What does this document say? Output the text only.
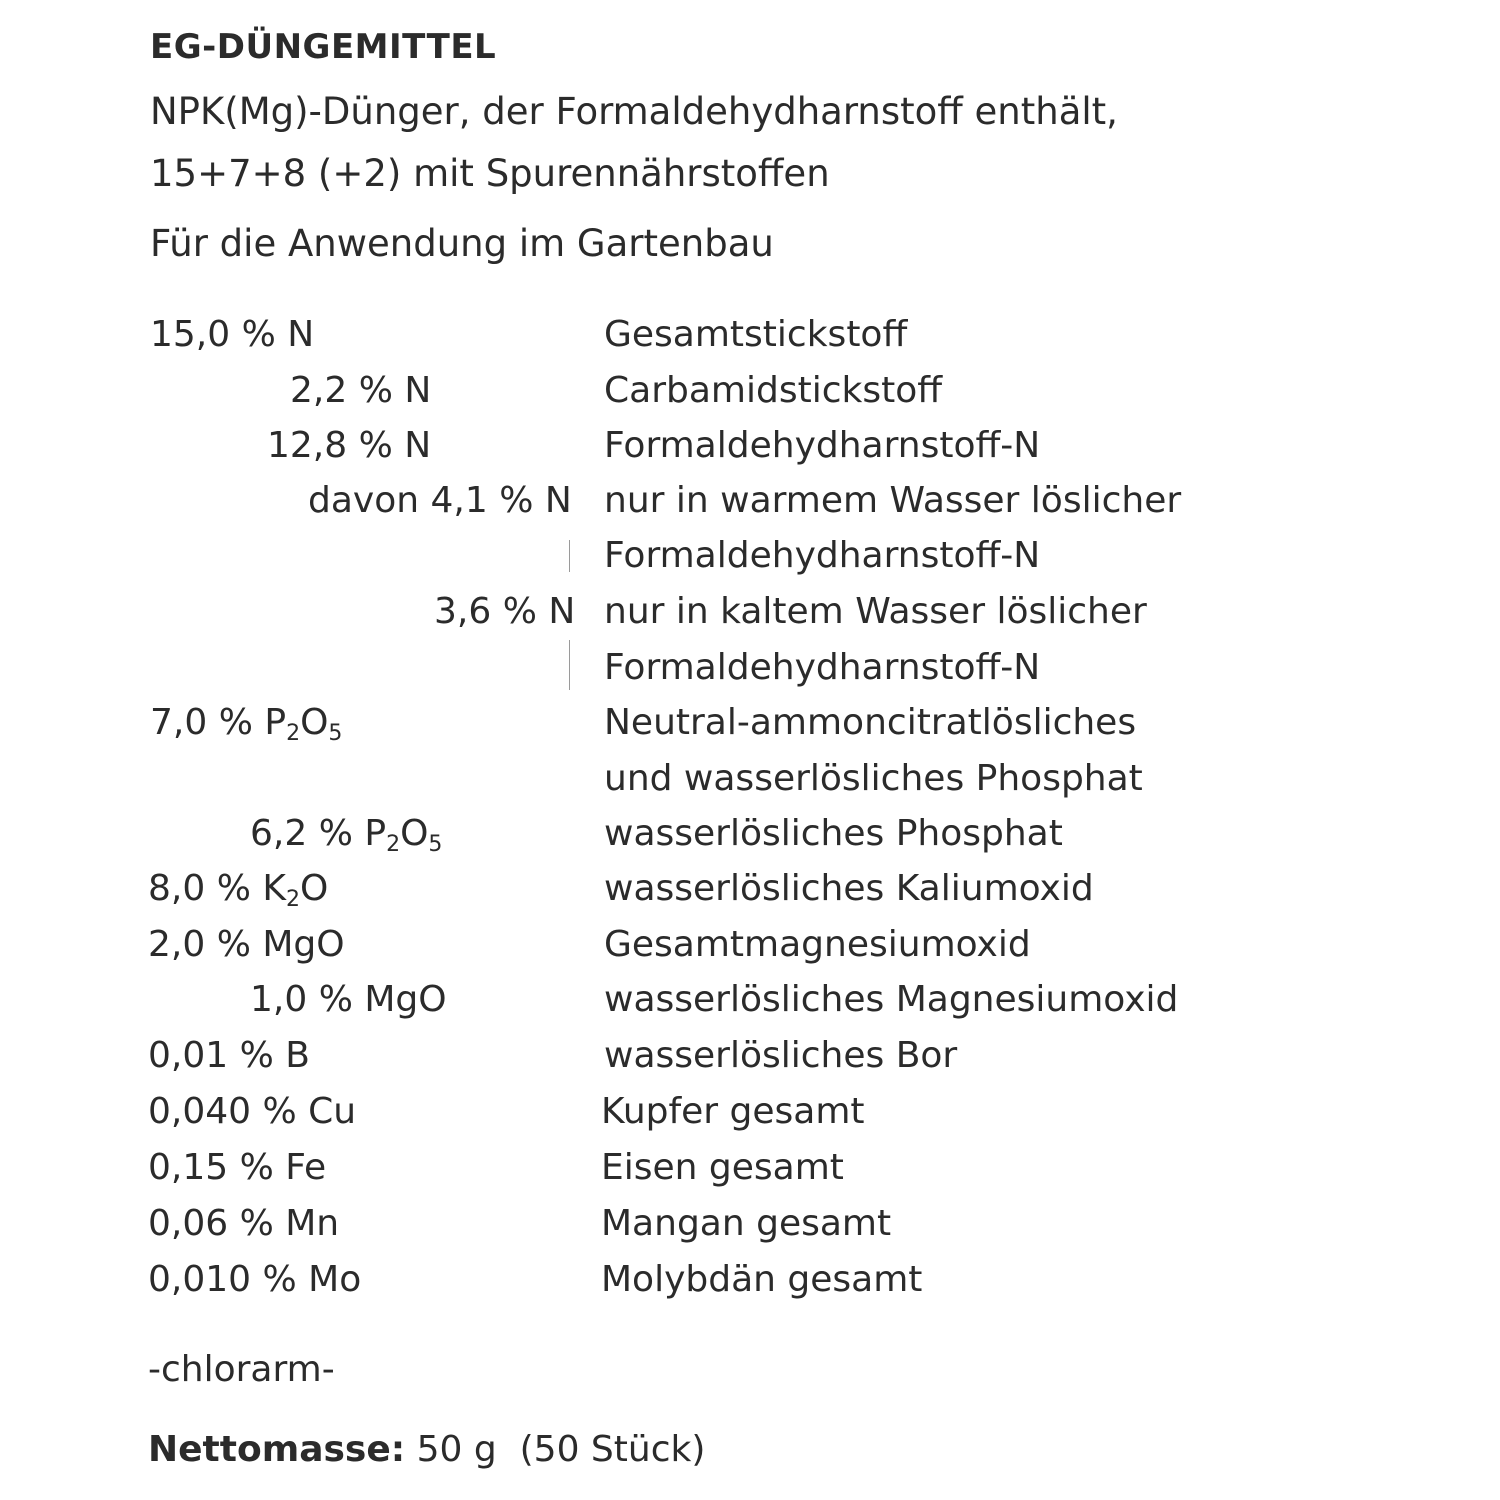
EG-DÜNGEMITTEL
NPK(Mg)-Dünger, der Formaldehydharnstoff enthält,
15+7+8 (+2) mit Spurennährstoffen
Für die Anwendung im Gartenbau
15,0 % N	Gesamtstickstoff
2,2 % N	Carbamidstickstoff
12,8 % N	Formaldehydharnstoff-N
davon 4,1 % N nur in warmem Wasser löslicher
Formaldehydharnstoff-N
3,6 % N nur in kaltem Wasser löslicher
Formaldehydharnstoff-N
7,0 % $P_2O_5$	Neutral-ammoncitratlösliches
und wasserlösliches Phosphat
6,2 % $P_2O_5$	wasserlösliches Phosphat
8,0 % $K_2O$	wasserlösliches Kaliumoxid
2,0 % MgO	Gesamtmagnesiumoxid
1,0 % MgO	wasserlösliches Magnesiumoxid
0,01 % B	wasserlösliches Bor
0,040 % Cu	Kupfer gesamt
0,15 % Fe	Eisen gesamt
0,06 % Mn	Mangan gesamt
0,010 % Mo	Molybdän gesamt
-chlorarm-
Nettomasse: 50 g  (50 Stück)
